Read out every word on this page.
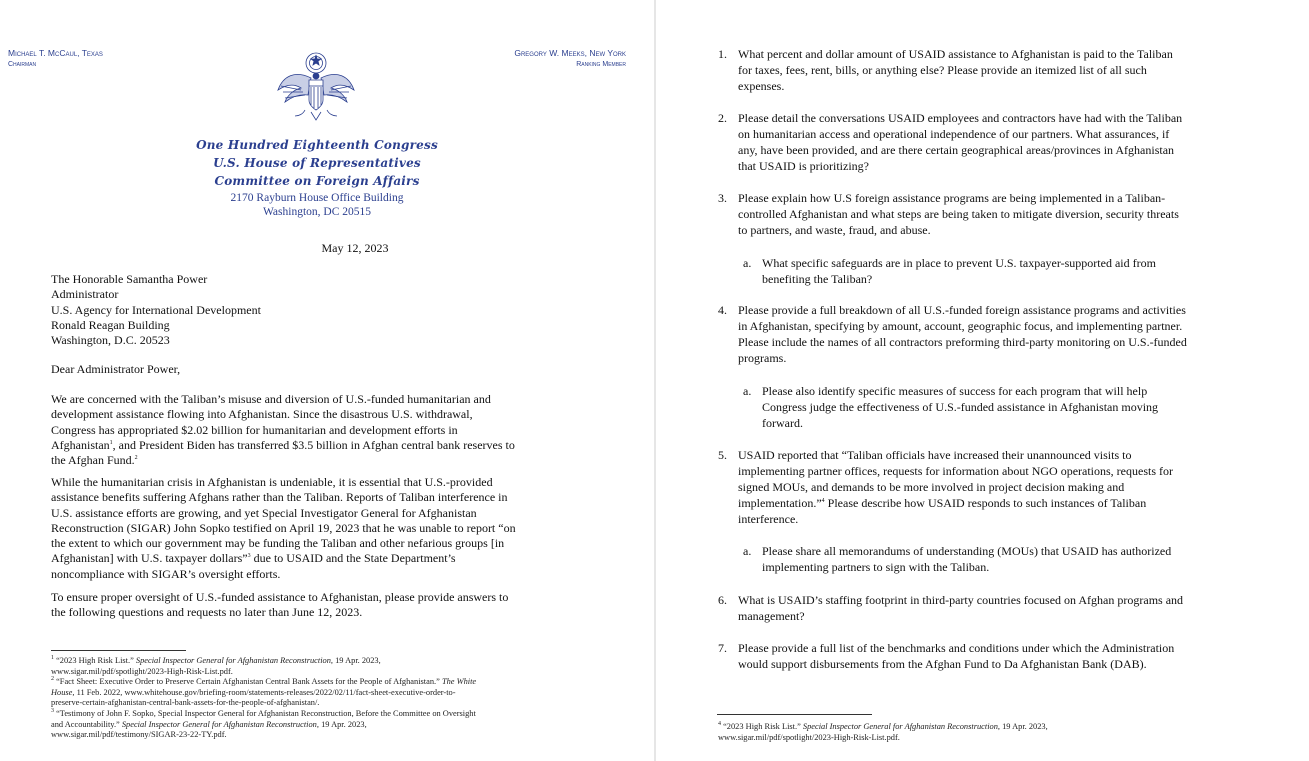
Michael T. McCaul, Texas
Chairman
Gregory W. Meeks, New York
Ranking Member
One Hundred Eighteenth Congress
U.S. House of Representatives
Committee on Foreign Affairs
2170 Rayburn House Office Building
Washington, DC 20515
May 12, 2023
The Honorable Samantha Power
Administrator
U.S. Agency for International Development
Ronald Reagan Building
Washington, D.C. 20523
Dear Administrator Power,
We are concerned with the Taliban’s misuse and diversion of U.S.-funded humanitarian and
development assistance flowing into Afghanistan. Since the disastrous U.S. withdrawal,
Congress has appropriated $2.02 billion for humanitarian and development efforts in
Afghanistan$^1$, and President Biden has transferred $3.5 billion in Afghan central bank reserves to
the Afghan Fund.$^2$
While the humanitarian crisis in Afghanistan is undeniable, it is essential that U.S.-provided
assistance benefits suffering Afghans rather than the Taliban. Reports of Taliban interference in
U.S. assistance efforts are growing, and yet Special Investigator General for Afghanistan
Reconstruction (SIGAR) John Sopko testified on April 19, 2023 that he was unable to report “on
the extent to which our government may be funding the Taliban and other nefarious groups [in
Afghanistan] with U.S. taxpayer dollars”$^3$ due to USAID and the State Department’s
noncompliance with SIGAR’s oversight efforts.
To ensure proper oversight of U.S.-funded assistance to Afghanistan, please provide answers to
the following questions and requests no later than June 12, 2023.
$^1$ “2023 High Risk List.” Special Inspector General for Afghanistan Reconstruction, 19 Apr. 2023,
www.sigar.mil/pdf/spotlight/2023-High-Risk-List.pdf.
$^2$ “Fact Sheet: Executive Order to Preserve Certain Afghanistan Central Bank Assets for the People of Afghanistan.” The White
House, 11 Feb. 2022, www.whitehouse.gov/briefing-room/statements-releases/2022/02/11/fact-sheet-executive-order-to-
preserve-certain-afghanistan-central-bank-assets-for-the-people-of-afghanistan/.
$^3$ “Testimony of John F. Sopko, Special Inspector General for Afghanistan Reconstruction, Before the Committee on Oversight
and Accountability.” Special Inspector General for Afghanistan Reconstruction, 19 Apr. 2023,
www.sigar.mil/pdf/testimony/SIGAR-23-22-TY.pdf.
1. What percent and dollar amount of USAID assistance to Afghanistan is paid to the Taliban
for taxes, fees, rent, bills, or anything else? Please provide an itemized list of all such
expenses.
2. Please detail the conversations USAID employees and contractors have had with the Taliban
on humanitarian access and operational independence of our partners. What assurances, if
any, have been provided, and are there certain geographical areas/provinces in Afghanistan
that USAID is prioritizing?
3. Please explain how U.S foreign assistance programs are being implemented in a Taliban-
controlled Afghanistan and what steps are being taken to mitigate diversion, security threats
to partners, and waste, fraud, and abuse.
a. What specific safeguards are in place to prevent U.S. taxpayer-supported aid from
benefiting the Taliban?
4. Please provide a full breakdown of all U.S.-funded foreign assistance programs and activities
in Afghanistan, specifying by amount, account, geographic focus, and implementing partner.
Please include the names of all contractors preforming third-party monitoring on U.S.-funded
programs.
a. Please also identify specific measures of success for each program that will help
Congress judge the effectiveness of U.S.-funded assistance in Afghanistan moving
forward.
5. USAID reported that “Taliban officials have increased their unannounced visits to
implementing partner offices, requests for information about NGO operations, requests for
signed MOUs, and demands to be more involved in project decision making and
implementation.”$^4$ Please describe how USAID responds to such instances of Taliban
interference.
a. Please share all memorandums of understanding (MOUs) that USAID has authorized
implementing partners to sign with the Taliban.
6. What is USAID’s staffing footprint in third-party countries focused on Afghan programs and
management?
7. Please provide a full list of the benchmarks and conditions under which the Administration
would support disbursements from the Afghan Fund to Da Afghanistan Bank (DAB).
$^4$ “2023 High Risk List.” Special Inspector General for Afghanistan Reconstruction, 19 Apr. 2023,
www.sigar.mil/pdf/spotlight/2023-High-Risk-List.pdf.
